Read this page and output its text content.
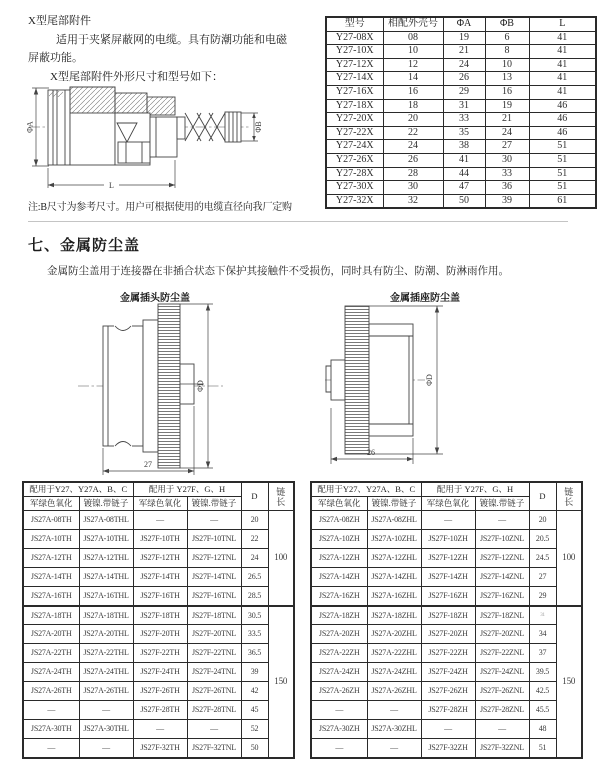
X型尾部附件
适用于夹紧屏蔽网的电缆。具有防潮功能和电磁
屏蔽功能。
X型尾部附件外形尺寸和型号如下：
ΦA	ΦB
L
注:B尺寸为参考尺寸。用户可根据使用的电缆直径向我厂定购
型号	相配外壳号	ΦA	ΦB	L
Y27-08X	08	19	6	41
Y27-10X	10	21	8	41
Y27-12X	12	24	10	41
Y27-14X	14	26	13	41
Y27-16X	16	29	16	41
Y27-18X	18	31	19	46
Y27-20X	20	33	21	46
Y27-22X	22	35	24	46
Y27-24X	24	38	27	51
Y27-26X	26	41	30	51
Y27-28X	28	44	33	51
Y27-30X	30	47	36	51
Y27-32X	32	50	39	61
七、金属防尘盖
金属防尘盖用于连接器在非插合状态下保护其接触件不受损伤，同时具有防尘、防潮、防淋雨作用。
金属插头防尘盖	金属插座防尘盖
ΦD
27
ΦD
26
配用于Y27、Y27A、B、C		配用于 Y27F、G、H		D	链长
军绿色氧化	镀镍.带链子	军绿色氧化	镀镍.带链子		
JS27A-08TH	JS27A-08THL	—	—	20	100
JS27A-10TH	JS27A-10THL	JS27F-10TH	JS27F-10TNL	22	
JS27A-12TH	JS27A-12THL	JS27F-12TH	JS27F-12TNL	24	
JS27A-14TH	JS27A-14THL	JS27F-14TH	JS27F-14TNL	26.5	
JS27A-16TH	JS27A-16THL	JS27F-16TH	JS27F-16TNL	28.5	
JS27A-18TH	JS27A-18THL	JS27F-18TH	JS27F-18TNL	30.5	150
JS27A-20TH	JS27A-20THL	JS27F-20TH	JS27F-20TNL	33.5	
JS27A-22TH	JS27A-22THL	JS27F-22TH	JS27F-22TNL	36.5	
JS27A-24TH	JS27A-24THL	JS27F-24TH	JS27F-24TNL	39	
JS27A-26TH	JS27A-26THL	JS27F-26TH	JS27F-26TNL	42	
—	—	JS27F-28TH	JS27F-28TNL	45	
JS27A-30TH	JS27A-30THL	—	—	52	
—	—	JS27F-32TH	JS27F-32TNL	50	
配用于Y27、Y27A、B、C		配用于 Y27F、G、H		D	链长
军绿色氧化	镀镍.带链子	军绿色氧化	镀镍.带链子		
JS27A-08ZH	JS27A-08ZHL	—	—	20	100
JS27A-10ZH	JS27A-10ZHL	JS27F-10ZH	JS27F-10ZNL	20.5	
JS27A-12ZH	JS27A-12ZHL	JS27F-12ZH	JS27F-12ZNL	24.5	
JS27A-14ZH	JS27A-14ZHL	JS27F-14ZH	JS27F-14ZNL	27	
JS27A-16ZH	JS27A-16ZHL	JS27F-16ZH	JS27F-16ZNL	29	
JS27A-18ZH	JS27A-18ZHL	JS27F-18ZH	JS27F-18ZNL	31	150
JS27A-20ZH	JS27A-20ZHL	JS27F-20ZH	JS27F-20ZNL	34	
JS27A-22ZH	JS27A-22ZHL	JS27F-22ZH	JS27F-22ZNL	37	
JS27A-24ZH	JS27A-24ZHL	JS27F-24ZH	JS27F-24ZNL	39.5	
JS27A-26ZH	JS27A-26ZHL	JS27F-26ZH	JS27F-26ZNL	42.5	
—	—	JS27F-28ZH	JS27F-28ZNL	45.5	
JS27A-30ZH	JS27A-30ZHL	—	—	48	
—	—	JS27F-32ZH	JS27F-32ZNL	51	
